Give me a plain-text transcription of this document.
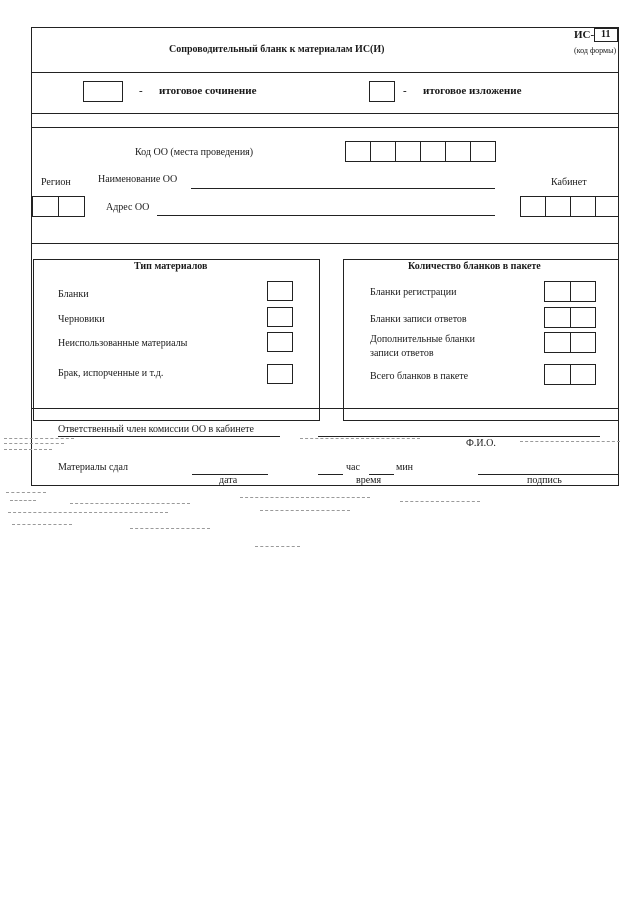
Сопроводительный бланк к материалам ИС(И)
ИС- 11
(код формы)
- итоговое сочинение	- итоговое изложение
Код ОО (места проведения)
Регион	Наименование ОО	Кабинет
Адрес ОО
Тип материалов
Бланки
Черновики
Неиспользованные материалы
Брак, испорченные и т.д.
Количество бланков в пакете
Бланки регистрации
Бланки записи ответов
Дополнительные бланки
записи ответов
Всего бланков в пакете
Ответственный член комиссии ОО в кабинете
Ф.И.О.
Материалы сдал	час	мин
дата	время	подпись
